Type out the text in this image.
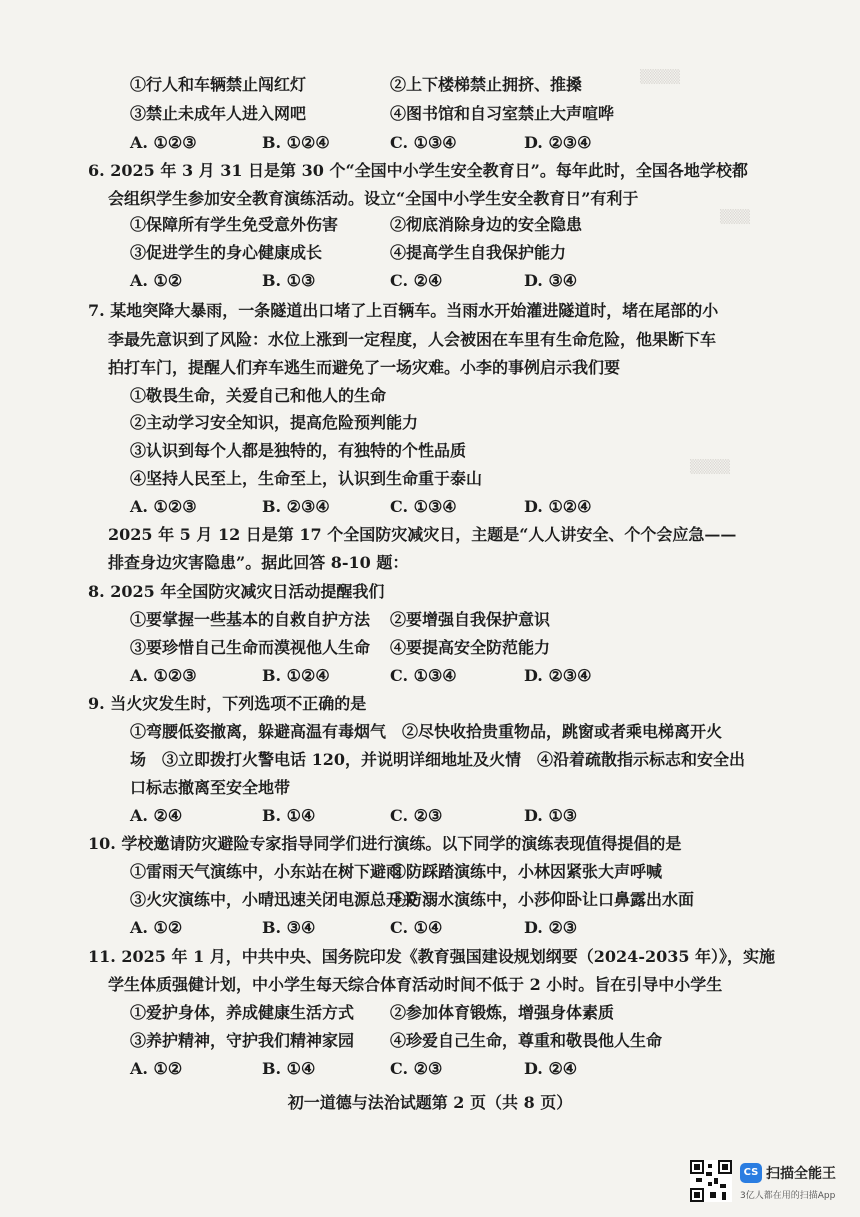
▒▒▒▒
▒▒▒
▒▒▒▒
①行人和车辆禁止闯红灯	②上下楼梯禁止拥挤、推搡
③禁止未成年人进入网吧	④图书馆和自习室禁止大声喧哗
A. ①②③	B. ①②④	C. ①③④	D. ②③④
6. 2025 年 3 月 31 日是第 30 个“全国中小学生安全教育日”。每年此时，全国各地学校都
会组织学生参加安全教育演练活动。设立“全国中小学生安全教育日”有利于
①保障所有学生免受意外伤害	②彻底消除身边的安全隐患
③促进学生的身心健康成长	④提高学生自我保护能力
A. ①②	B. ①③	C. ②④	D. ③④
7. 某地突降大暴雨，一条隧道出口堵了上百辆车。当雨水开始灌进隧道时，堵在尾部的小
李最先意识到了风险：水位上涨到一定程度，人会被困在车里有生命危险，他果断下车
拍打车门，提醒人们弃车逃生而避免了一场灾难。小李的事例启示我们要
①敬畏生命，关爱自己和他人的生命
②主动学习安全知识，提高危险预判能力
③认识到每个人都是独特的，有独特的个性品质
④坚持人民至上，生命至上，认识到生命重于泰山
A. ①②③	B. ②③④	C. ①③④	D. ①②④
2025 年 5 月 12 日是第 17 个全国防灾减灾日，主题是“人人讲安全、个个会应急——
排查身边灾害隐患”。据此回答 8-10 题：
8. 2025 年全国防灾减灾日活动提醒我们
①要掌握一些基本的自救自护方法 ②要增强自我保护意识
③要珍惜自己生命而漠视他人生命 ④要提高安全防范能力
A. ①②③	B. ①②④	C. ①③④	D. ②③④
9. 当火灾发生时，下列选项不正确的是
①弯腰低姿撤离，躲避高温有毒烟气　②尽快收拾贵重物品，跳窗或者乘电梯离开火
场　③立即拨打火警电话 120，并说明详细地址及火情　④沿着疏散指示标志和安全出
口标志撤离至安全地带
A. ②④	B. ①④	C. ②③	D. ①③
10. 学校邀请防灾避险专家指导同学们进行演练。以下同学的演练表现值得提倡的是
①雷雨天气演练中，小东站在树下避雨
②防踩踏演练中，小林因紧张大声呼喊
③火灾演练中，小晴迅速关闭电源总开关
④防溺水演练中，小莎仰卧让口鼻露出水面
A. ①②	B. ③④	C. ①④	D. ②③
11. 2025 年 1 月，中共中央、国务院印发《教育强国建设规划纲要（2024-2035 年）》，实施
学生体质强健计划，中小学生每天综合体育活动时间不低于 2 小时。旨在引导中小学生
①爱护身体，养成健康生活方式 ②参加体育锻炼，增强身体素质
③养护精神，守护我们精神家园 ④珍爱自己生命，尊重和敬畏他人生命
初一道德与法治试题第 2 页（共 8 页）
CS 扫描全能王
3亿人都在用的扫描App
A. ①②	B. ①④	C. ②③	D. ②④
